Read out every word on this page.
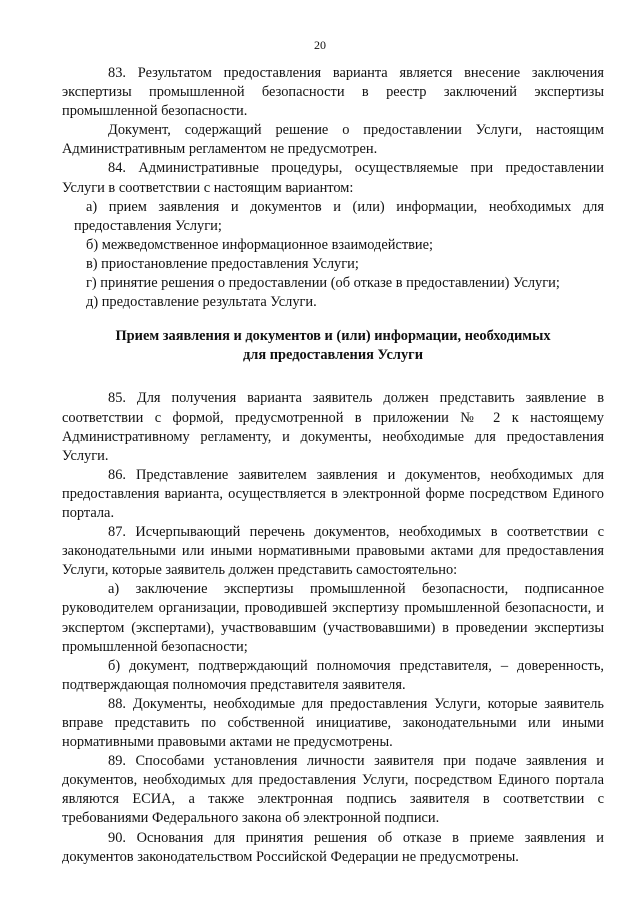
20

83. Результатом предоставления варианта является внесение заключения экспертизы промышленной безопасности в реестр заключений экспертизы промышленной безопасности.

Документ, содержащий решение о предоставлении Услуги, настоящим Административным регламентом не предусмотрен.

84. Административные процедуры, осуществляемые при предоставлении Услуги в соответствии с настоящим вариантом:

а) прием заявления и документов и (или) информации, необходимых для предоставления Услуги;

б) межведомственное информационное взаимодействие;

в) приостановление предоставления Услуги;

г) принятие решения о предоставлении (об отказе в предоставлении) Услуги;

д) предоставление результата Услуги.

Прием заявления и документов и (или) информации, необходимых
для предоставления Услуги

85. Для получения варианта заявитель должен представить заявление в соответствии с формой, предусмотренной в приложении № 2 к настоящему Административному регламенту, и документы, необходимые для предоставления Услуги.

86. Представление заявителем заявления и документов, необходимых для предоставления варианта, осуществляется в электронной форме посредством Единого портала.

87. Исчерпывающий перечень документов, необходимых в соответствии с законодательными или иными нормативными правовыми актами для предоставления Услуги, которые заявитель должен представить самостоятельно:

а) заключение экспертизы промышленной безопасности, подписанное руководителем организации, проводившей экспертизу промышленной безопасности, и экспертом (экспертами), участвовавшим (участвовавшими) в проведении экспертизы промышленной безопасности;

б) документ, подтверждающий полномочия представителя, – доверенность, подтверждающая полномочия представителя заявителя.

88. Документы, необходимые для предоставления Услуги, которые заявитель вправе представить по собственной инициативе, законодательными или иными нормативными правовыми актами не предусмотрены.

89. Способами установления личности заявителя при подаче заявления и документов, необходимых для предоставления Услуги, посредством Единого портала являются ЕСИА, а также электронная подпись заявителя в соответствии с требованиями Федерального закона об электронной подписи.

90. Основания для принятия решения об отказе в приеме заявления и документов законодательством Российской Федерации не предусмотрены.
